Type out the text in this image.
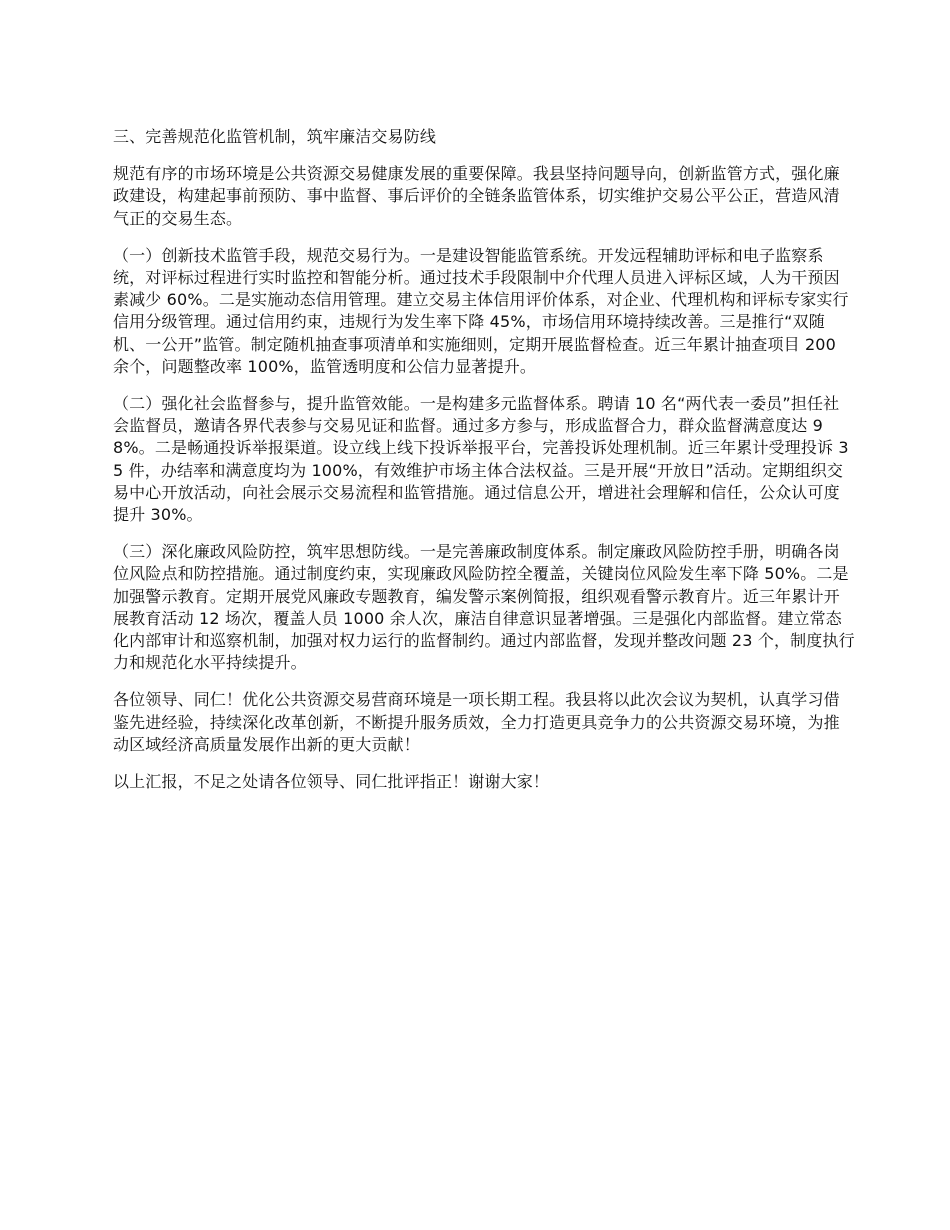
三、完善规范化监管机制，筑牢廉洁交易防线

规范有序的市场环境是公共资源交易健康发展的重要保障。我县坚持问题导向，创新监管方式，强化廉政建设，构建起事前预防、事中监督、事后评价的全链条监管体系，切实维护交易公平公正，营造风清气正的交易生态。

（一）创新技术监管手段，规范交易行为。一是建设智能监管系统。开发远程辅助评标和电子监察系统，对评标过程进行实时监控和智能分析。通过技术手段限制中介代理人员进入评标区域，人为干预因素减少 60%。二是实施动态信用管理。建立交易主体信用评价体系，对企业、代理机构和评标专家实行信用分级管理。通过信用约束，违规行为发生率下降 45%，市场信用环境持续改善。三是推行“双随机、一公开”监管。制定随机抽查事项清单和实施细则，定期开展监督检查。近三年累计抽查项目 200 余个，问题整改率 100%，监管透明度和公信力显著提升。

（二）强化社会监督参与，提升监管效能。一是构建多元监督体系。聘请 10 名“两代表一委员”担任社会监督员，邀请各界代表参与交易见证和监督。通过多方参与，形成监督合力，群众监督满意度达 98%。二是畅通投诉举报渠道。设立线上线下投诉举报平台，完善投诉处理机制。近三年累计受理投诉 35 件，办结率和满意度均为 100%，有效维护市场主体合法权益。三是开展“开放日”活动。定期组织交易中心开放活动，向社会展示交易流程和监管措施。通过信息公开，增进社会理解和信任，公众认可度提升 30%。

（三）深化廉政风险防控，筑牢思想防线。一是完善廉政制度体系。制定廉政风险防控手册，明确各岗位风险点和防控措施。通过制度约束，实现廉政风险防控全覆盖，关键岗位风险发生率下降 50%。二是加强警示教育。定期开展党风廉政专题教育，编发警示案例简报，组织观看警示教育片。近三年累计开展教育活动 12 场次，覆盖人员 1000 余人次，廉洁自律意识显著增强。三是强化内部监督。建立常态化内部审计和巡察机制，加强对权力运行的监督制约。通过内部监督，发现并整改问题 23 个，制度执行力和规范化水平持续提升。

各位领导、同仁！优化公共资源交易营商环境是一项长期工程。我县将以此次会议为契机，认真学习借鉴先进经验，持续深化改革创新，不断提升服务质效，全力打造更具竞争力的公共资源交易环境，为推动区域经济高质量发展作出新的更大贡献！

以上汇报，不足之处请各位领导、同仁批评指正！谢谢大家！
